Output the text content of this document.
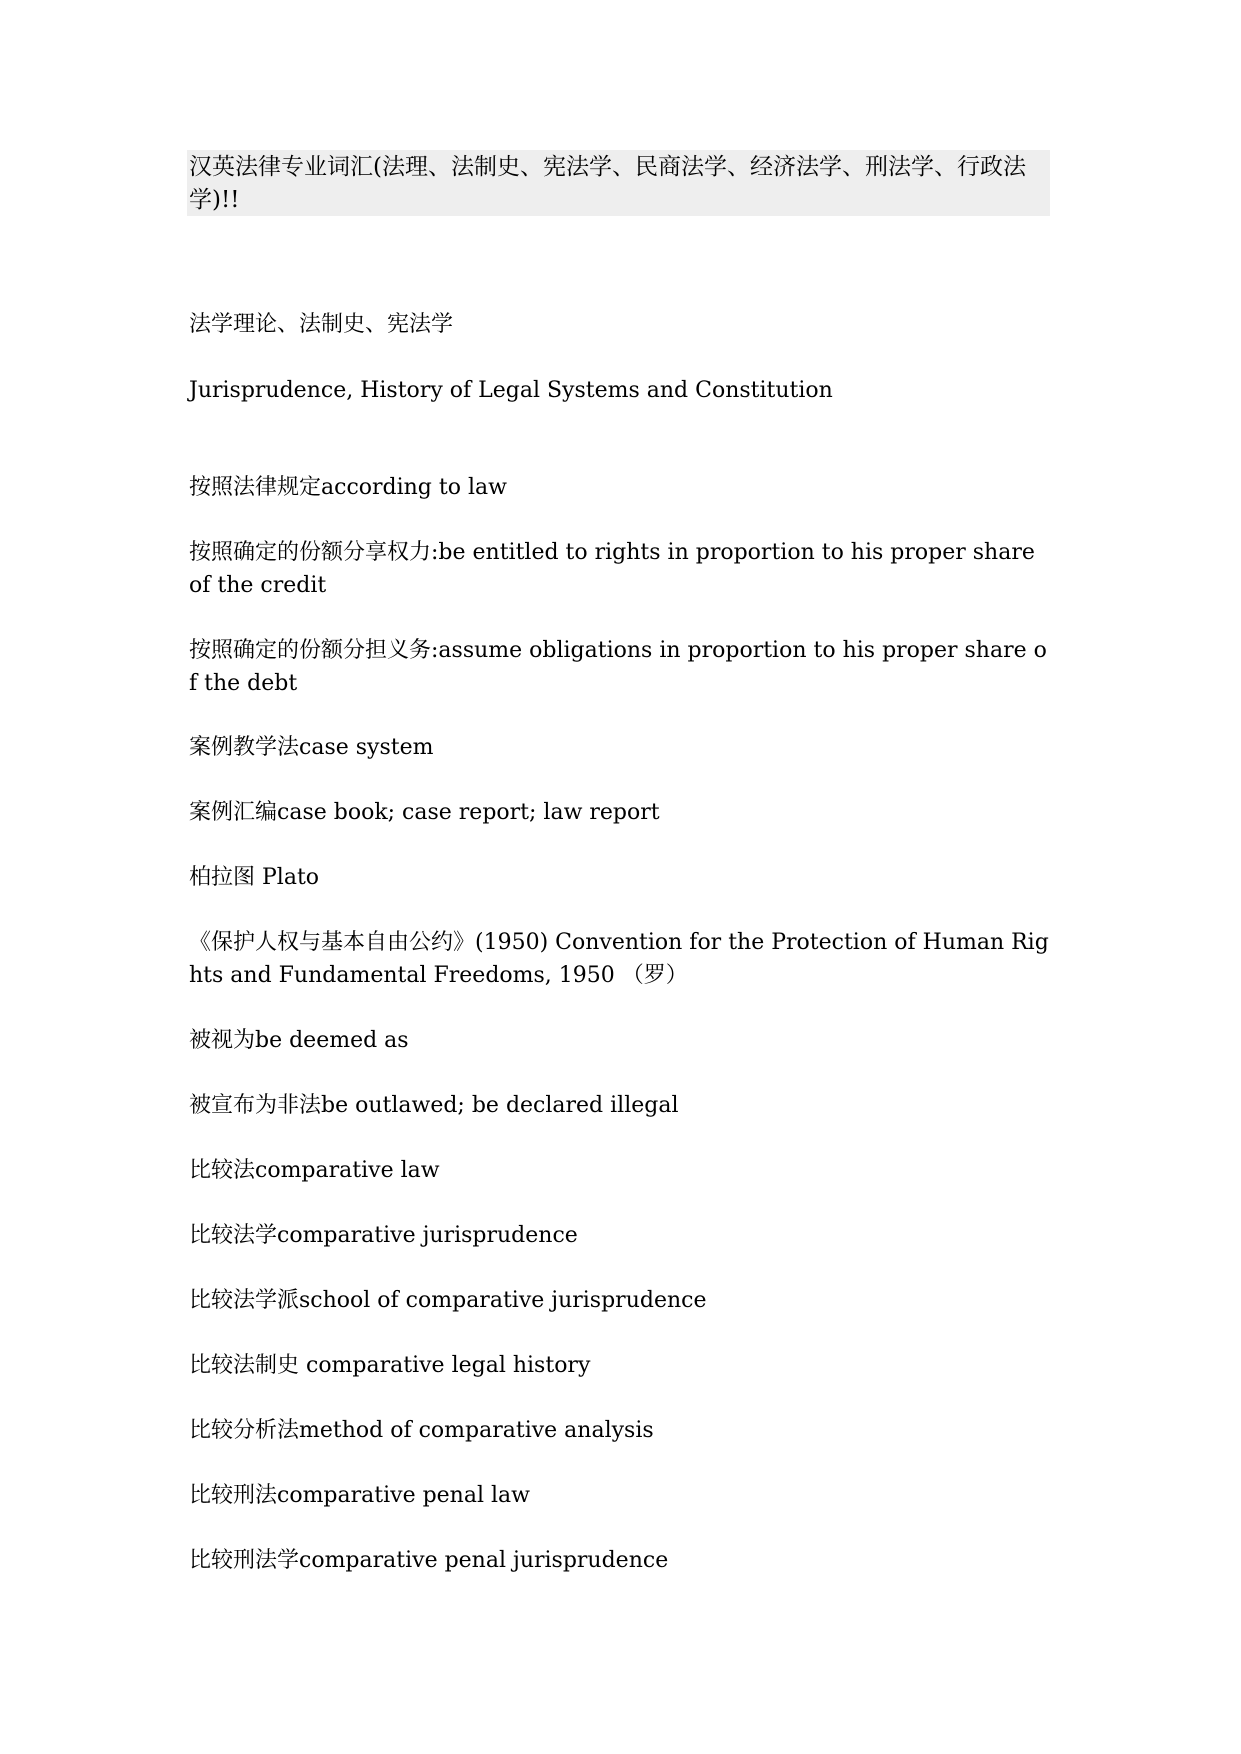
汉英法律专业词汇(法理、法制史、宪法学、民商法学、经济法学、刑法学、行政法学)!!
法学理论、法制史、宪法学
Jurisprudence, History of Legal Systems and Constitution
按照法律规定according to law
按照确定的份额分享权力:be entitled to rights in proportion to his proper share of the credit
按照确定的份额分担义务:assume obligations in proportion to his proper share of the debt
案例教学法case system
案例汇编case book; case report; law report
柏拉图 Plato
《保护人权与基本自由公约》(1950) Convention for the Protection of Human Rights and Fundamental Freedoms, 1950 （罗）
被视为be deemed as
被宣布为非法be outlawed; be declared illegal
比较法comparative law
比较法学comparative jurisprudence
比较法学派school of comparative jurisprudence
比较法制史 comparative legal history
比较分析法method of comparative analysis
比较刑法comparative penal law
比较刑法学comparative penal jurisprudence
